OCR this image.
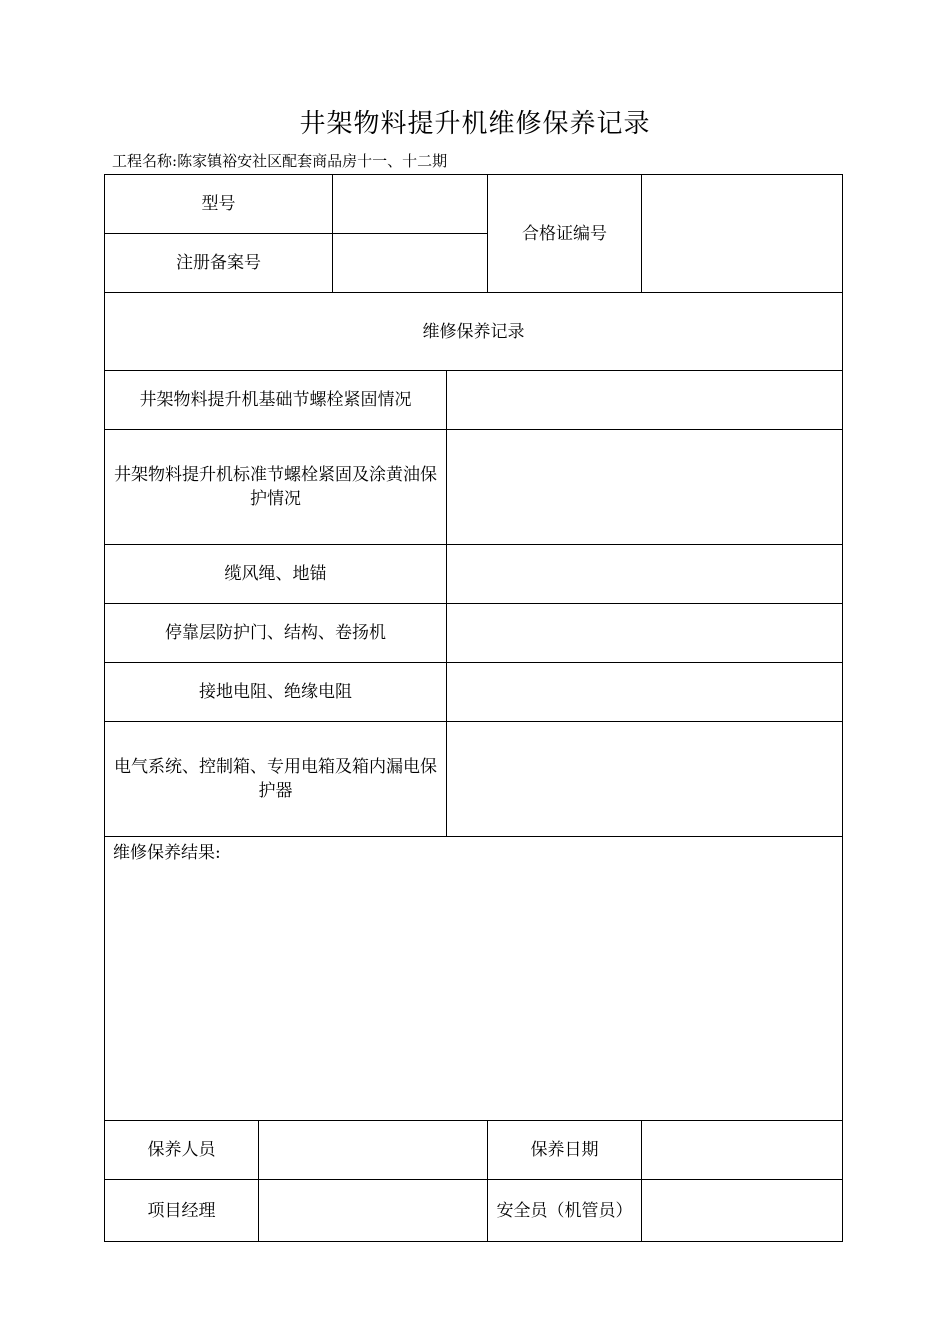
井架物料提升机维修保养记录
工程名称:陈家镇裕安社区配套商品房十一、十二期
型号				合格证编号	
注册备案号					
维修保养记录					
井架物料提升机基础节螺栓紧固情况					
井架物料提升机标准节螺栓紧固及涂黄油保护情况					
缆风绳、地锚					
停靠层防护门、结构、卷扬机					
接地电阻、绝缘电阻					
电气系统、控制箱、专用电箱及箱内漏电保护器					
维修保养结果:					
保养人员				保养日期	
项目经理				安全员（机管员）	
